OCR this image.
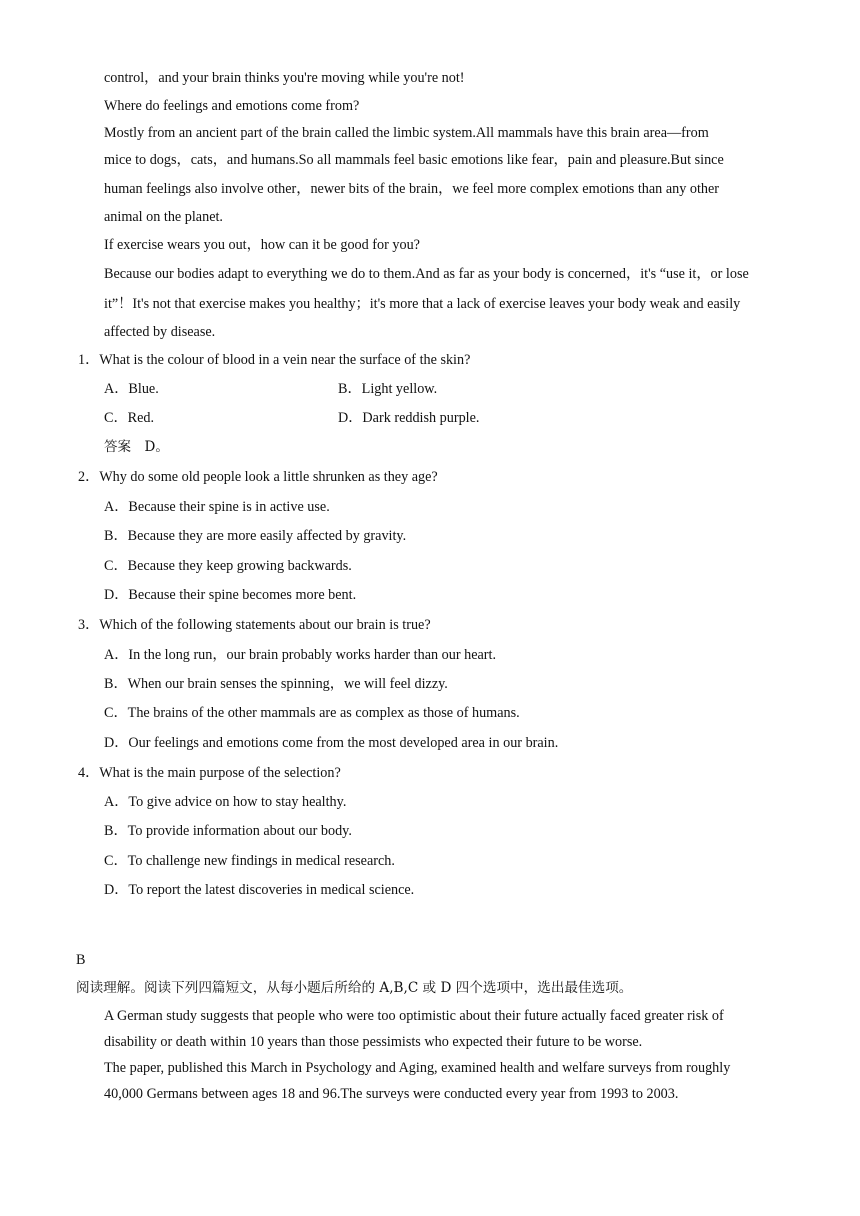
control，and your brain thinks you're moving while you're not!
Where do feelings and emotions come from?
Mostly from an ancient part of the brain called the limbic system.All mammals have this brain area—from
mice to dogs，cats，and humans.So all mammals feel basic emotions like fear，pain and pleasure.But since
human feelings also involve other，newer bits of the brain，we feel more complex emotions than any other
animal on the planet.
If exercise wears you out，how can it be good for you?
Because our bodies adapt to everything we do to them.And as far as your body is concerned，it's “use it，or lose
it”！It's not that exercise makes you healthy；it's more that a lack of exercise leaves your body weak and easily
affected by disease.
1．What is the colour of blood in a vein near the surface of the skin?
A．Blue.	B．Light yellow.
C．Red.	D．Dark reddish purple.
答案　D。
2．Why do some old people look a little shrunken as they age?
A．Because their spine is in active use.
B．Because they are more easily affected by gravity.
C．Because they keep growing backwards.
D．Because their spine becomes more bent.
3．Which of the following statements about our brain is true?
A．In the long run，our brain probably works harder than our heart.
B．When our brain senses the spinning，we will feel dizzy.
C．The brains of the other mammals are as complex as those of humans.
D．Our feelings and emotions come from the most developed area in our brain.
4．What is the main purpose of the selection?
A．To give advice on how to stay healthy.
B．To provide information about our body.
C．To challenge new findings in medical research.
D．To report the latest discoveries in medical science.
B
阅读理解。阅读下列四篇短文，从每小题后所给的 A,B,C 或 D 四个选项中，选出最佳选项。
A German study suggests that people who were too optimistic about their future actually faced greater risk of
disability or death within 10 years than those pessimists who expected their future to be worse.
The paper, published this March in Psychology and Aging, examined health and welfare surveys from roughly
40,000 Germans between ages 18 and 96.The surveys were conducted every year from 1993 to 2003.
